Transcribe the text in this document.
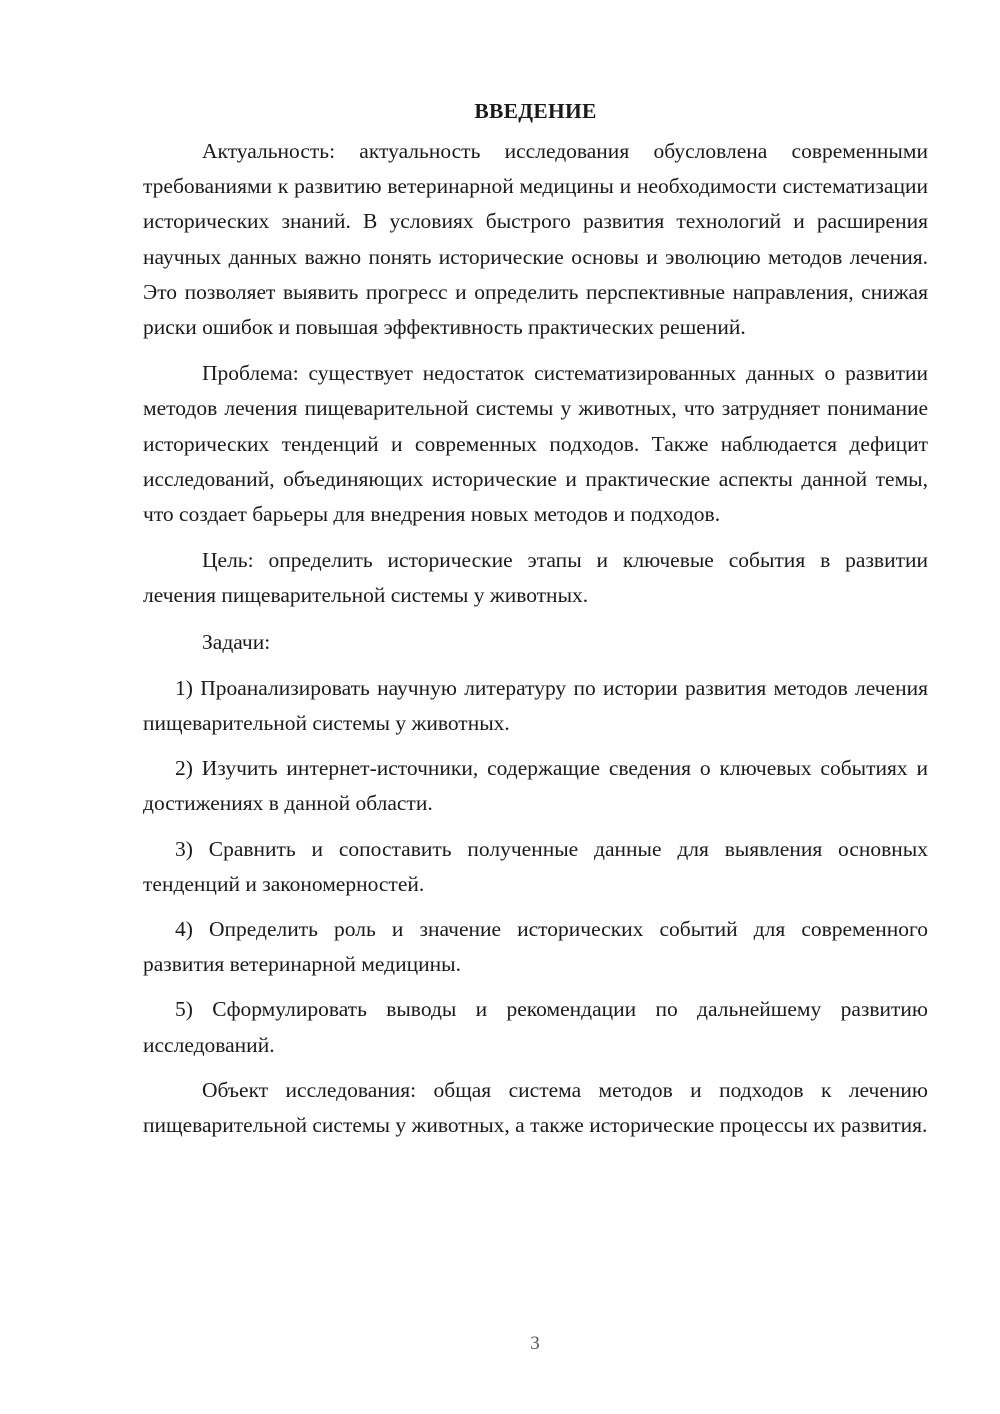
ВВЕДЕНИЕ

Актуальность: актуальность исследования обусловлена современными требованиями к развитию ветеринарной медицины и необходимости систематизации исторических знаний. В условиях быстрого развития технологий и расширения научных данных важно понять исторические основы и эволюцию методов лечения. Это позволяет выявить прогресс и определить перспективные направления, снижая риски ошибок и повышая эффективность практических решений.

Проблема: существует недостаток систематизированных данных о развитии методов лечения пищеварительной системы у животных, что затрудняет понимание исторических тенденций и современных подходов. Также наблюдается дефицит исследований, объединяющих исторические и практические аспекты данной темы, что создает барьеры для внедрения новых методов и подходов.

Цель: определить исторические этапы и ключевые события в развитии лечения пищеварительной системы у животных.

Задачи:

1) Проанализировать научную литературу по истории развития методов лечения пищеварительной системы у животных.

2) Изучить интернет-источники, содержащие сведения о ключевых событиях и достижениях в данной области.

3) Сравнить и сопоставить полученные данные для выявления основных тенденций и закономерностей.

4) Определить роль и значение исторических событий для современного развития ветеринарной медицины.

5) Сформулировать выводы и рекомендации по дальнейшему развитию исследований.

Объект исследования: общая система методов и подходов к лечению пищеварительной системы у животных, а также исторические процессы их развития.

3
